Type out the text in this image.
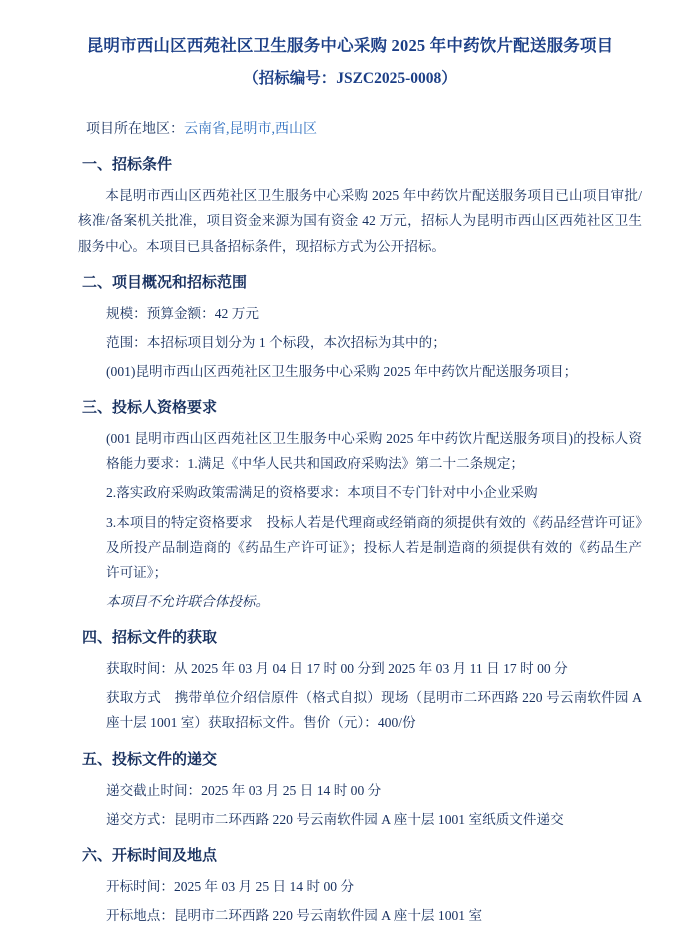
昆明市西山区西苑社区卫生服务中心采购 2025 年中药饮片配送服务项目
（招标编号：JSZC2025-0008）

项目所在地区：云南省,昆明市,西山区

一、招标条件

本昆明市西山区西苑社区卫生服务中心采购 2025 年中药饮片配送服务项目已山项目审批/核准/备案机关批准，项目资金来源为国有资金 42 万元，招标人为昆明市西山区西苑社区卫生服务中心。本项目已具备招标条件，现招标方式为公开招标。

二、项目概况和招标范围

规模：预算金额：42 万元

范围：本招标项目划分为 1 个标段，本次招标为其中的；

(001)昆明市西山区西苑社区卫生服务中心采购 2025 年中药饮片配送服务项目；

三、投标人资格要求

(001 昆明市西山区西苑社区卫生服务中心采购 2025 年中药饮片配送服务项目)的投标人资格能力要求：1.满足《中华人民共和国政府采购法》第二十二条规定；

2.落实政府采购政策需满足的资格要求：本项目不专门针对中小企业采购

3.本项目的特定资格要求　投标人若是代理商或经销商的须提供有效的《药品经营许可证》及所投产品制造商的《药品生产许可证》；投标人若是制造商的须提供有效的《药品生产许可证》；

本项目不允许联合体投标。

四、招标文件的获取

获取时间：从 2025 年 03 月 04 日 17 时 00 分到 2025 年 03 月 11 日 17 时 00 分

获取方式　携带单位介绍信原件（格式自拟）现场（昆明市二环西路 220 号云南软件园 A 座十层 1001 室）获取招标文件。售价（元）：400/份

五、投标文件的递交

递交截止时间：2025 年 03 月 25 日 14 时 00 分

递交方式：昆明市二环西路 220 号云南软件园 A 座十层 1001 室纸质文件递交

六、开标时间及地点

开标时间：2025 年 03 月 25 日 14 时 00 分

开标地点：昆明市二环西路 220 号云南软件园 A 座十层 1001 室
